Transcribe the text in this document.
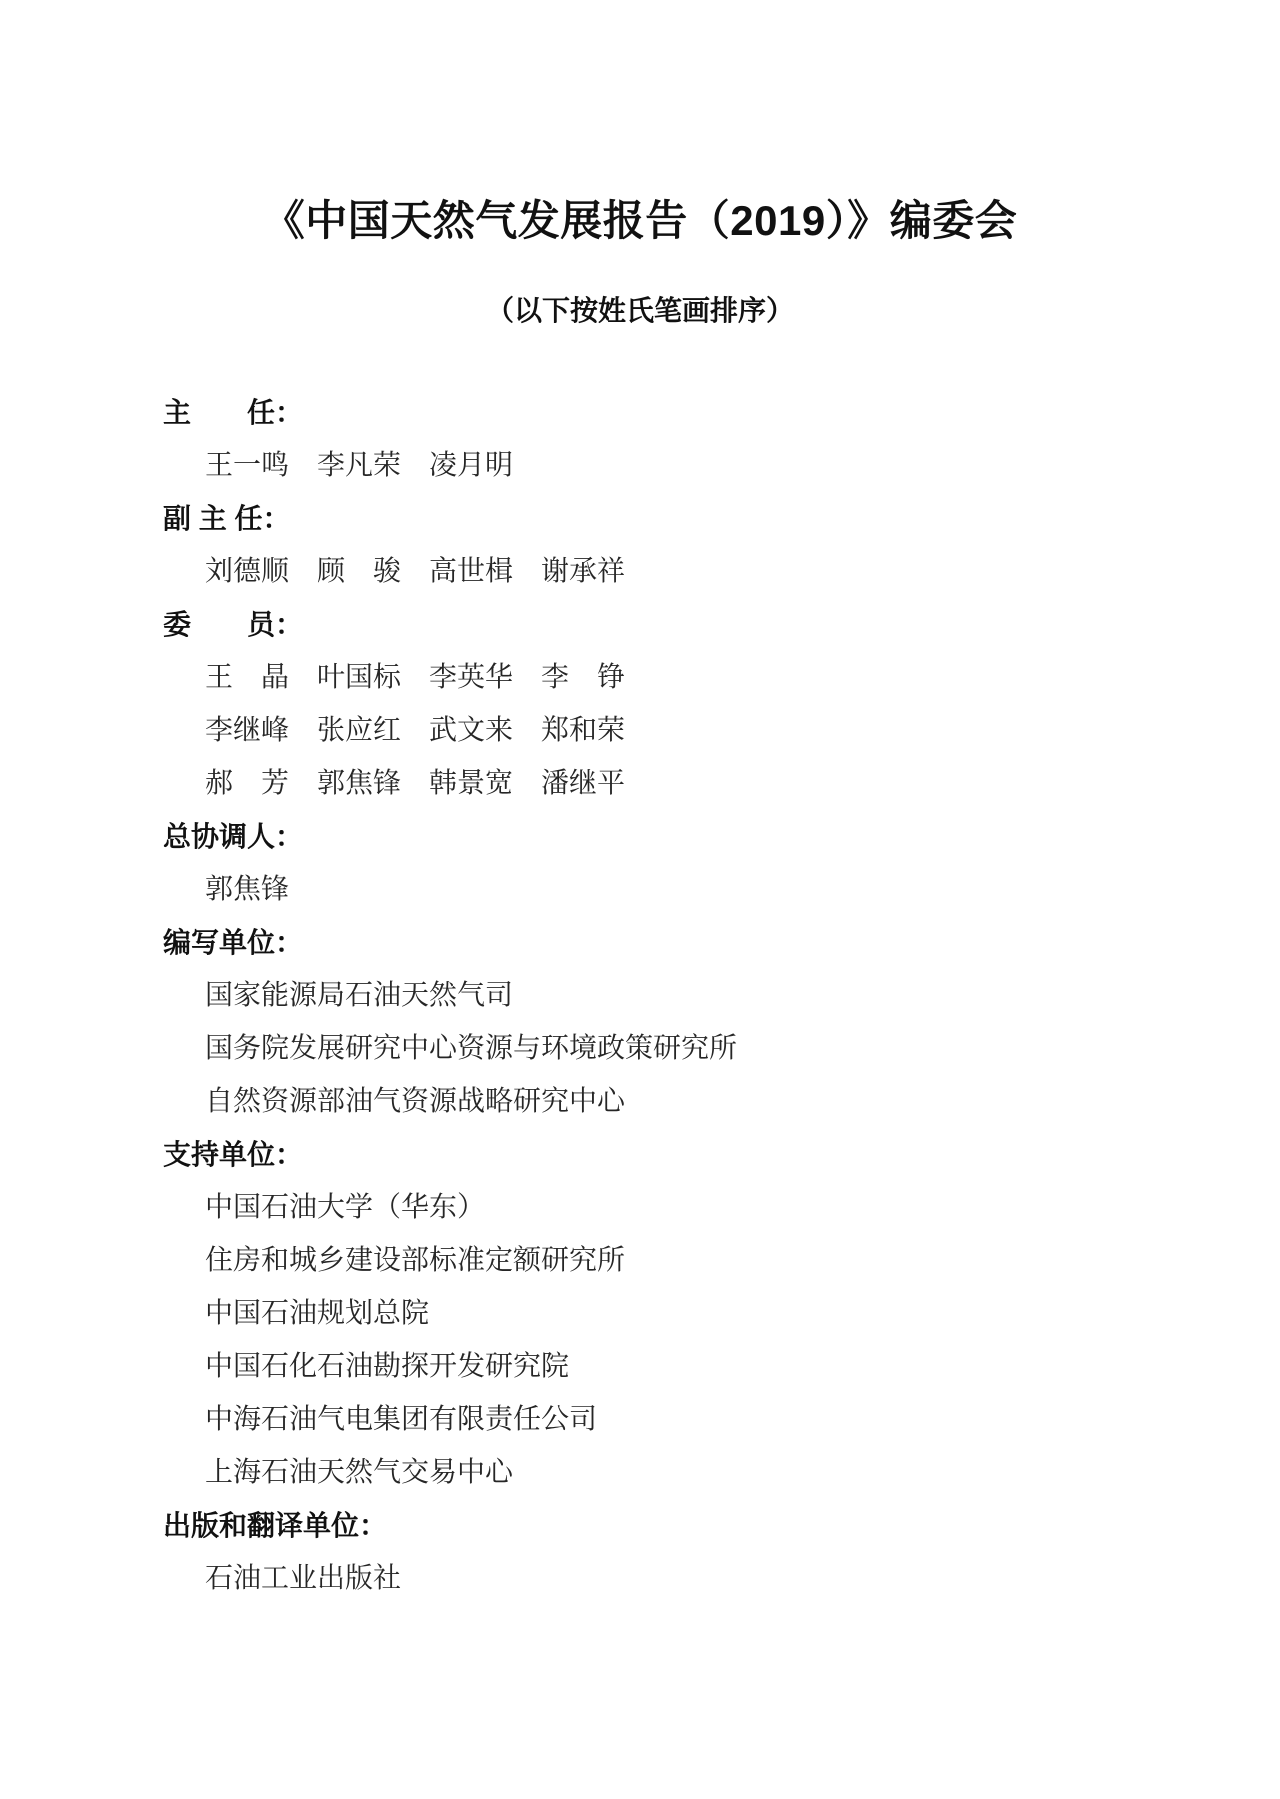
《中国天然气发展报告（2019）》编委会
（以下按姓氏笔画排序）
主　　任：
王一鸣　李凡荣　凌月明
副 主 任：
刘德顺　顾　骏　高世楫　谢承祥
委　　员：
王　晶　叶国标　李英华　李　铮
李继峰　张应红　武文来　郑和荣
郝　芳　郭焦锋　韩景宽　潘继平
总协调人：
郭焦锋
编写单位：
国家能源局石油天然气司
国务院发展研究中心资源与环境政策研究所
自然资源部油气资源战略研究中心
支持单位：
中国石油大学（华东）
住房和城乡建设部标准定额研究所
中国石油规划总院
中国石化石油勘探开发研究院
中海石油气电集团有限责任公司
上海石油天然气交易中心
出版和翻译单位：
石油工业出版社
